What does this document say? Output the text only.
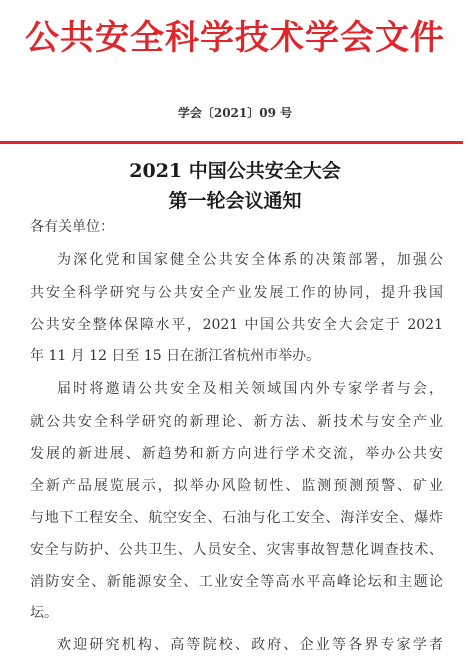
公共安全科学技术学会文件
学会〔2021〕09 号
2021 中国公共安全大会
第一轮会议通知
各有关单位：
为深化党和国家健全公共安全体系的决策部署，加强公
共安全科学研究与公共安全产业发展工作的协同，提升我国
公共安全整体保障水平，2021 中国公共安全大会定于 2021
年 11 月 12 日至 15 日在浙江省杭州市举办。
届时将邀请公共安全及相关领域国内外专家学者与会，
就公共安全科学研究的新理论、新方法、新技术与安全产业
发展的新进展、新趋势和新方向进行学术交流，举办公共安
全新产品展览展示，拟举办风险韧性、监测预测预警、矿业
与地下工程安全、航空安全、石油与化工安全、海洋安全、爆炸
安全与防护、公共卫生、人员安全、灾害事故智慧化调查技术、
消防安全、新能源安全、工业安全等高水平高峰论坛和主题论
坛。
欢迎研究机构、高等院校、政府、企业等各界专家学者
